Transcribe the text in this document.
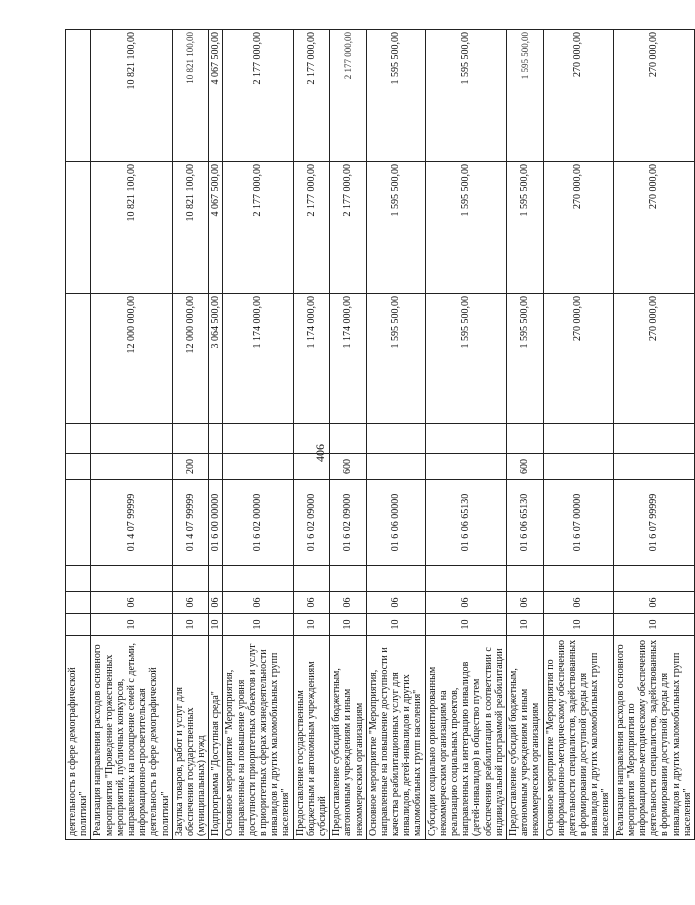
406
деятельность в сфере демографической политики"									
Реализация направления расходов основного мероприятия "Проведение торжественных мероприятий, публичных конкурсов, направленных на поощрение семей с детьми, информационно-просветительская деятельность в сфере демографической политики"	10	06		01 4 07 99999			12 000 000,00	10 821 100,00	10 821 100,00
Закупка товаров, работ и услуг для обеспечения государственных (муниципальных) нужд	10	06		01 4 07 99999	200		12 000 000,00	10 821 100,00	10 821 100,00
Подпрограмма "Доступная среда"	10	06		01 6 00 00000			3 064 500,00	4 067 500,00	4 067 500,00
Основное мероприятие "Мероприятия, направленные на повышение уровня доступности приоритетных объектов и услуг в приоритетных сферах жизнедеятельности инвалидов и других маломобильных групп населения"	10	06		01 6 02 00000			1 174 000,00	2 177 000,00	2 177 000,00
Предоставление государственным бюджетным и автономным учреждениям субсидий	10	06		01 6 02 09000			1 174 000,00	2 177 000,00	2 177 000,00
Предоставление субсидий бюджетным, автономным учреждениям и иным некоммерческим организациям	10	06		01 6 02 09000	600		1 174 000,00	2 177 000,00	2 177 000,00
Основное мероприятие "Мероприятия, направленные на повышение доступности и качества реабилитационных услуг для инвалидов, детей-инвалидов и других маломобильных групп населения"	10	06		01 6 06 00000			1 595 500,00	1 595 500,00	1 595 500,00
Субсидии социально ориентированным некоммерческим организациям на реализацию социальных проектов, направленных на интеграцию инвалидов (детей-инвалидов) в общество путем обеспечения реабилитации в соответствии с индивидуальной программой реабилитации	10	06		01 6 06 65130			1 595 500,00	1 595 500,00	1 595 500,00
Предоставление субсидий бюджетным, автономным учреждениям и иным некоммерческим организациям	10	06		01 6 06 65130	600		1 595 500,00	1 595 500,00	1 595 500,00
Основное мероприятие "Мероприятия по информационно-методическому обеспечению деятельности специалистов, задействованных в формировании доступной среды для инвалидов и других маломобильных групп населения"	10	06		01 6 07 00000			270 000,00	270 000,00	270 000,00
Реализация направления расходов основного мероприятия "Мероприятия по информационно-методическому обеспечению деятельности специалистов, задействованных в формировании доступной среды для инвалидов и других маломобильных групп населения"	10	06		01 6 07 99999			270 000,00	270 000,00	270 000,00
